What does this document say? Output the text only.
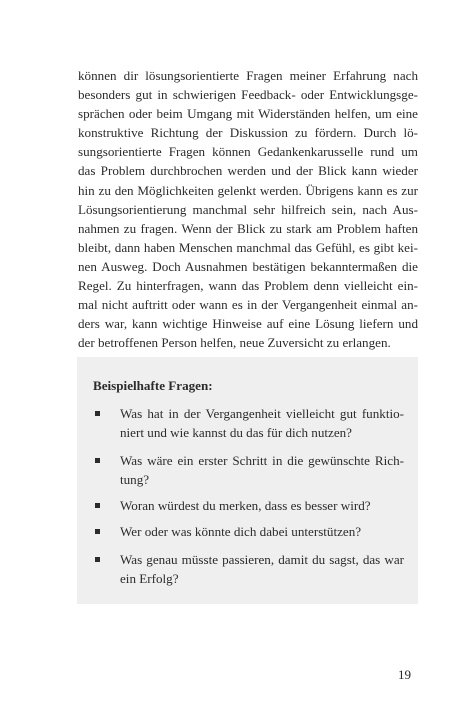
können dir lösungsorientierte Fragen meiner Erfahrung nach
besonders gut in schwierigen Feedback- oder Entwicklungsge-
sprächen oder beim Umgang mit Widerständen helfen, um eine
konstruktive Richtung der Diskussion zu fördern. Durch lö-
sungsorientierte Fragen können Gedankenkarusselle rund um
das Problem durchbrochen werden und der Blick kann wieder
hin zu den Möglichkeiten gelenkt werden. Übrigens kann es zur
Lösungsorientierung manchmal sehr hilfreich sein, nach Aus-
nahmen zu fragen. Wenn der Blick zu stark am Problem haften
bleibt, dann haben Menschen manchmal das Gefühl, es gibt kei-
nen Ausweg. Doch Ausnahmen bestätigen bekanntermaßen die
Regel. Zu hinterfragen, wann das Problem denn vielleicht ein-
mal nicht auftritt oder wann es in der Vergangenheit einmal an-
ders war, kann wichtige Hinweise auf eine Lösung liefern und
der betroffenen Person helfen, neue Zuversicht zu erlangen.

Beispielhafte Fragen:

Was hat in der Vergangenheit vielleicht gut funktio-
niert und wie kannst du das für dich nutzen?
Was wäre ein erster Schritt in die gewünschte Rich-
tung?
Woran würdest du merken, dass es besser wird?
Wer oder was könnte dich dabei unterstützen?
Was genau müsste passieren, damit du sagst, das war
ein Erfolg?
19
